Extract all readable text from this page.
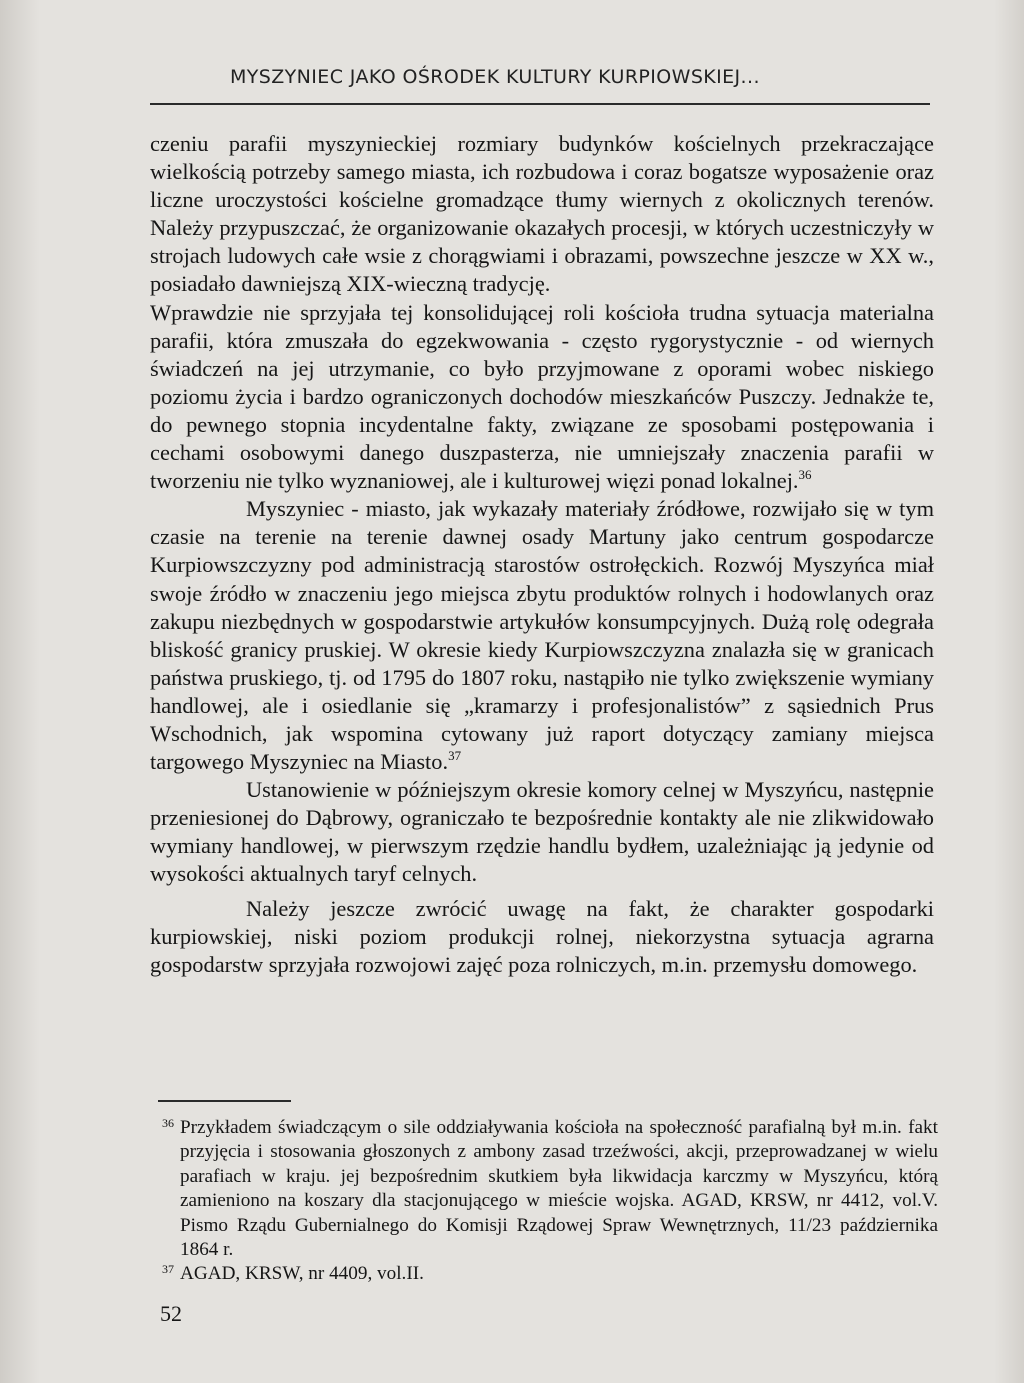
MYSZYNIEC JAKO OŚRODEK KULTURY KURPIOWSKIEJ...

czeniu parafii myszynieckiej rozmiary budynków kościelnych przekraczające wielkością potrzeby samego miasta, ich rozbudowa i coraz bogatsze wyposażenie oraz liczne uroczystości kościelne gromadzące tłumy wiernych z okolicznych terenów. Należy przypuszczać, że organizowanie okazałych procesji, w których uczestniczyły w strojach ludowych całe wsie z chorągwiami i obrazami, powszechne jeszcze w XX w., posiadało dawniejszą XIX-wieczną tradycję.

Wprawdzie nie sprzyjała tej konsolidującej roli kościoła trudna sytuacja materialna parafii, która zmuszała do egzekwowania - często rygorystycznie - od wiernych świadczeń na jej utrzymanie, co było przyjmowane z oporami wobec niskiego poziomu życia i bardzo ograniczonych dochodów mieszkańców Puszczy. Jednakże te, do pewnego stopnia incydentalne fakty, związane ze sposobami postępowania i cechami osobowymi danego duszpasterza, nie umniejszały znaczenia parafii w tworzeniu nie tylko wyznaniowej, ale i kulturowej więzi ponad lokalnej.$^{36}$

Myszyniec - miasto, jak wykazały materiały źródłowe, rozwijało się w tym czasie na terenie na terenie dawnej osady Martuny jako centrum gospodarcze Kurpiowszczyzny pod administracją starostów ostrołęckich. Rozwój Myszyńca miał swoje źródło w znaczeniu jego miejsca zbytu produktów rolnych i hodowlanych oraz zakupu niezbędnych w gospodarstwie artykułów konsumpcyjnych. Dużą rolę odegrała bliskość granicy pruskiej. W okresie kiedy Kurpiowszczyzna znalazła się w granicach państwa pruskiego, tj. od 1795 do 1807 roku, nastąpiło nie tylko zwiększenie wymiany handlowej, ale i osiedlanie się „kramarzy i profesjonalistów” z sąsiednich Prus Wschodnich, jak wspomina cytowany już raport dotyczący zamiany miejsca targowego Myszyniec na Miasto.$^{37}$

Ustanowienie w późniejszym okresie komory celnej w Myszyńcu, następnie przeniesionej do Dąbrowy, ograniczało te bezpośrednie kontakty ale nie zlikwidowało wymiany handlowej, w pierwszym rzędzie handlu bydłem, uzależniając ją jedynie od wysokości aktualnych taryf celnych.

Należy jeszcze zwrócić uwagę na fakt, że charakter gospodarki kurpiowskiej, niski poziom produkcji rolnej, niekorzystna sytuacja agrarna gospodarstw sprzyjała rozwojowi zajęć poza rolniczych, m.in. przemysłu domowego.

36 Przykładem świadczącym o sile oddziaływania kościoła na społeczność parafialną był m.in. fakt przyjęcia i stosowania głoszonych z ambony zasad trzeźwości, akcji, przeprowadzanej w wielu parafiach w kraju. jej bezpośrednim skutkiem była likwidacja karczmy w Myszyńcu, którą zamieniono na koszary dla stacjonującego w mieście wojska. AGAD, KRSW, nr 4412, vol.V. Pismo Rządu Gubernialnego do Komisji Rządowej Spraw Wewnętrznych, 11/23 października 1864 r.

37 AGAD, KRSW, nr 4409, vol.II.

52
